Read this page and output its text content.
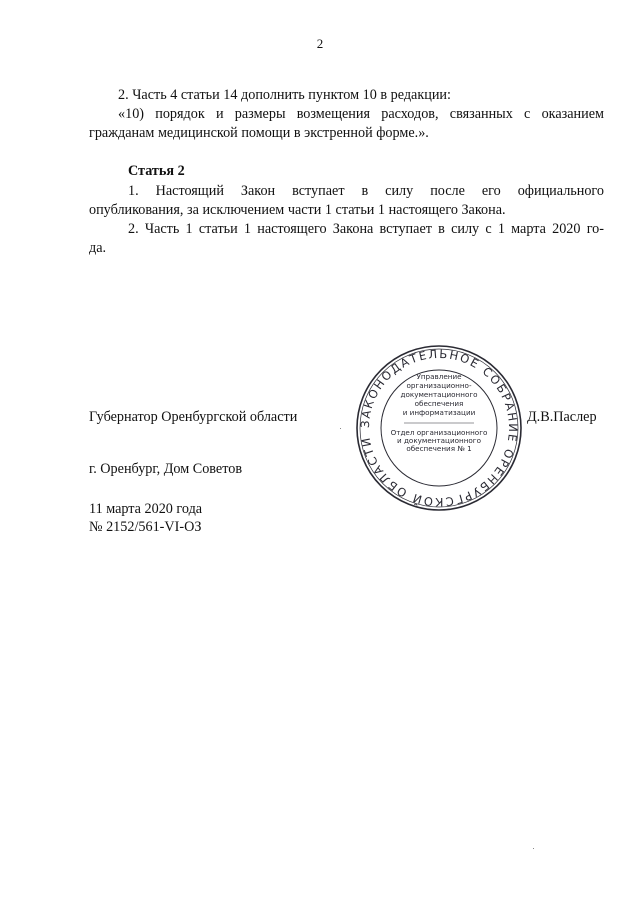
2
2. Часть 4 статьи 14 дополнить пунктом 10 в редакции:
«10) порядок и размеры возмещения расходов, связанных с оказанием
гражданам медицинской помощи в экстренной форме.».
Статья 2
1. Настоящий Закон вступает в силу после его официального
опубликования, за исключением части 1 статьи 1 настоящего Закона.
2. Часть 1 статьи 1 настоящего Закона вступает в силу с 1 марта 2020 го-
да.
ЗАКОНОДАТЕЛЬНОЕ СОБРАНИЕ ОРЕНБУРГСКОЙ ОБЛАСТИ
Управление
организационно-
документационного
обеспечения
и информатизации
Отдел организационного
и документационного
обеспечения № 1
Губернатор Оренбургской области	Д.В.Паслер
г. Оренбург, Дом Советов
11 марта 2020 года
№ 2152/561-VI-ОЗ
